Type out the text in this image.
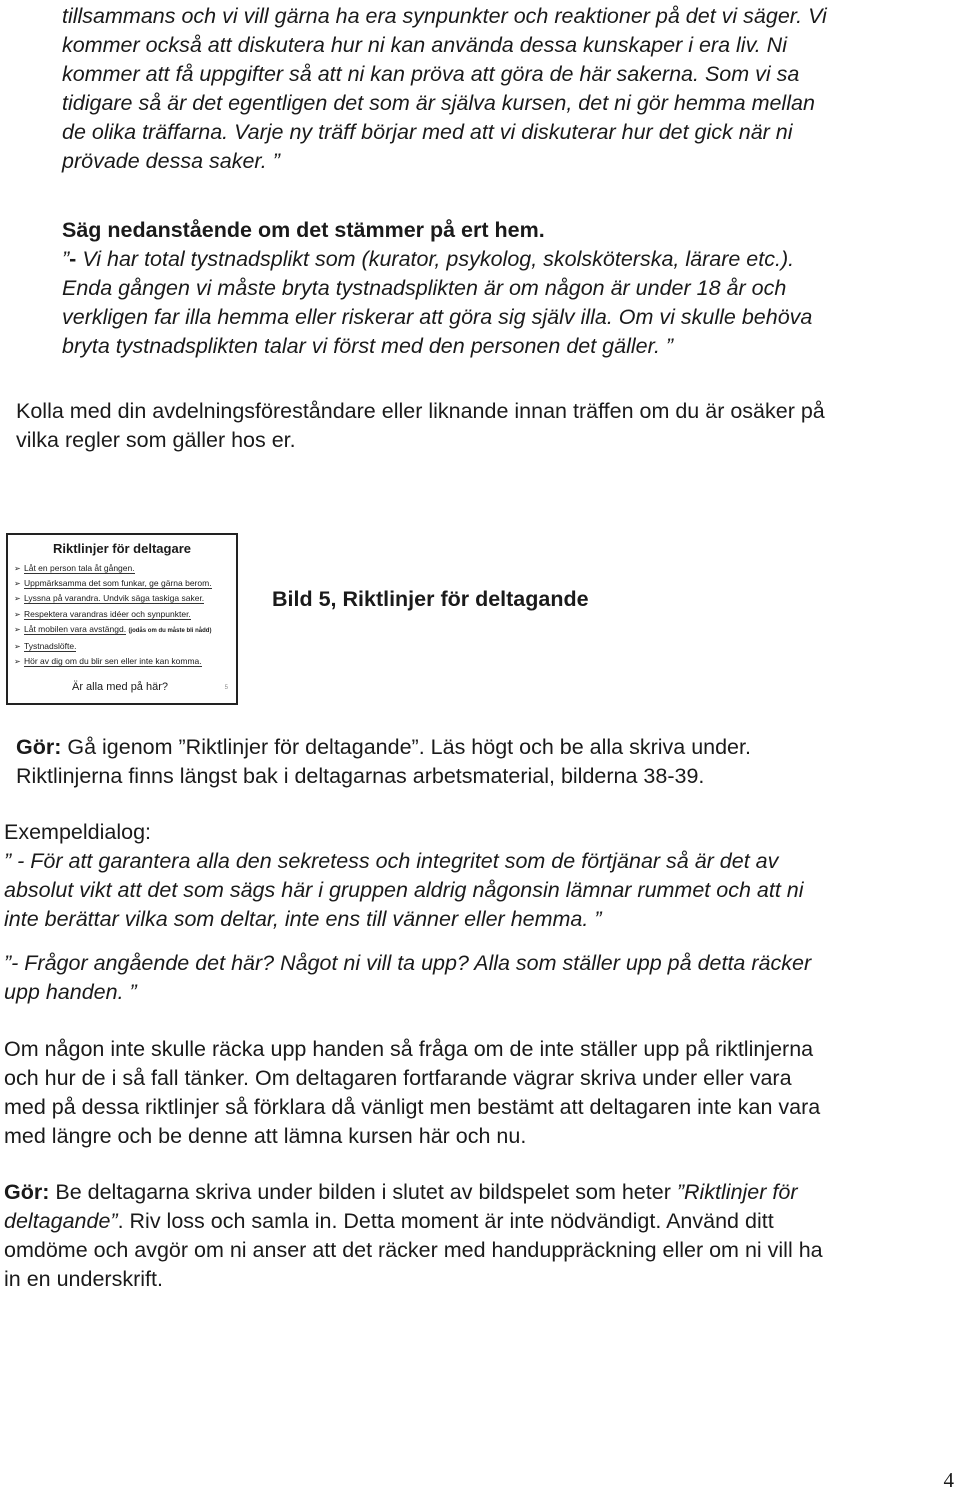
tillsammans och vi vill gärna ha era synpunkter och reaktioner på det vi säger. Vi
kommer också att diskutera hur ni kan använda dessa kunskaper i era liv. Ni
kommer att få uppgifter så att ni kan pröva att göra de här sakerna. Som vi sa
tidigare så är det egentligen det som är själva kursen, det ni gör hemma mellan
de olika träffarna. Varje ny träff börjar med att vi diskuterar hur det gick när ni
prövade dessa saker. ”
Säg nedanstående om det stämmer på ert hem.
”- Vi har total tystnadsplikt som (kurator, psykolog, skolsköterska, lärare etc.).
Enda gången vi måste bryta tystnadsplikten är om någon är under 18 år och
verkligen far illa hemma eller riskerar att göra sig själv illa. Om vi skulle behöva
bryta tystnadsplikten talar vi först med den personen det gäller. ”
Kolla med din avdelningsföreståndare eller liknande innan träffen om du är osäker på
vilka regler som gäller hos er.
Riktlinjer för deltagare
➢ Låt en person tala åt gången.
➢ Uppmärksamma det som funkar, ge gärna berom.
➢ Lyssna på varandra. Undvik säga taskiga saker.
➢ Respektera varandras idéer och synpunkter.
➢ Låt mobilen vara avstängd. (jodås om du måste bli nådd)
➢ Tystnadslöfte.
➢ Hör av dig om du blir sen eller inte kan komma.
Är alla med på här?	5
Bild 5, Riktlinjer för deltagande
Gör: Gå igenom ”Riktlinjer för deltagande”. Läs högt och be alla skriva under.
Riktlinjerna finns längst bak i deltagarnas arbetsmaterial, bilderna 38-39.
Exempeldialog:
” - För att garantera alla den sekretess och integritet som de förtjänar så är det av
absolut vikt att det som sägs här i gruppen aldrig någonsin lämnar rummet och att ni
inte berättar vilka som deltar, inte ens till vänner eller hemma. ”
”- Frågor angående det här? Något ni vill ta upp? Alla som ställer upp på detta räcker
upp handen. ”
Om någon inte skulle räcka upp handen så fråga om de inte ställer upp på riktlinjerna
och hur de i så fall tänker. Om deltagaren fortfarande vägrar skriva under eller vara
med på dessa riktlinjer så förklara då vänligt men bestämt att deltagaren inte kan vara
med längre och be denne att lämna kursen här och nu.
Gör: Be deltagarna skriva under bilden i slutet av bildspelet som heter ”Riktlinjer för
deltagande”. Riv loss och samla in. Detta moment är inte nödvändigt. Använd ditt
omdöme och avgör om ni anser att det räcker med handuppräckning eller om ni vill ha
in en underskrift.
4
